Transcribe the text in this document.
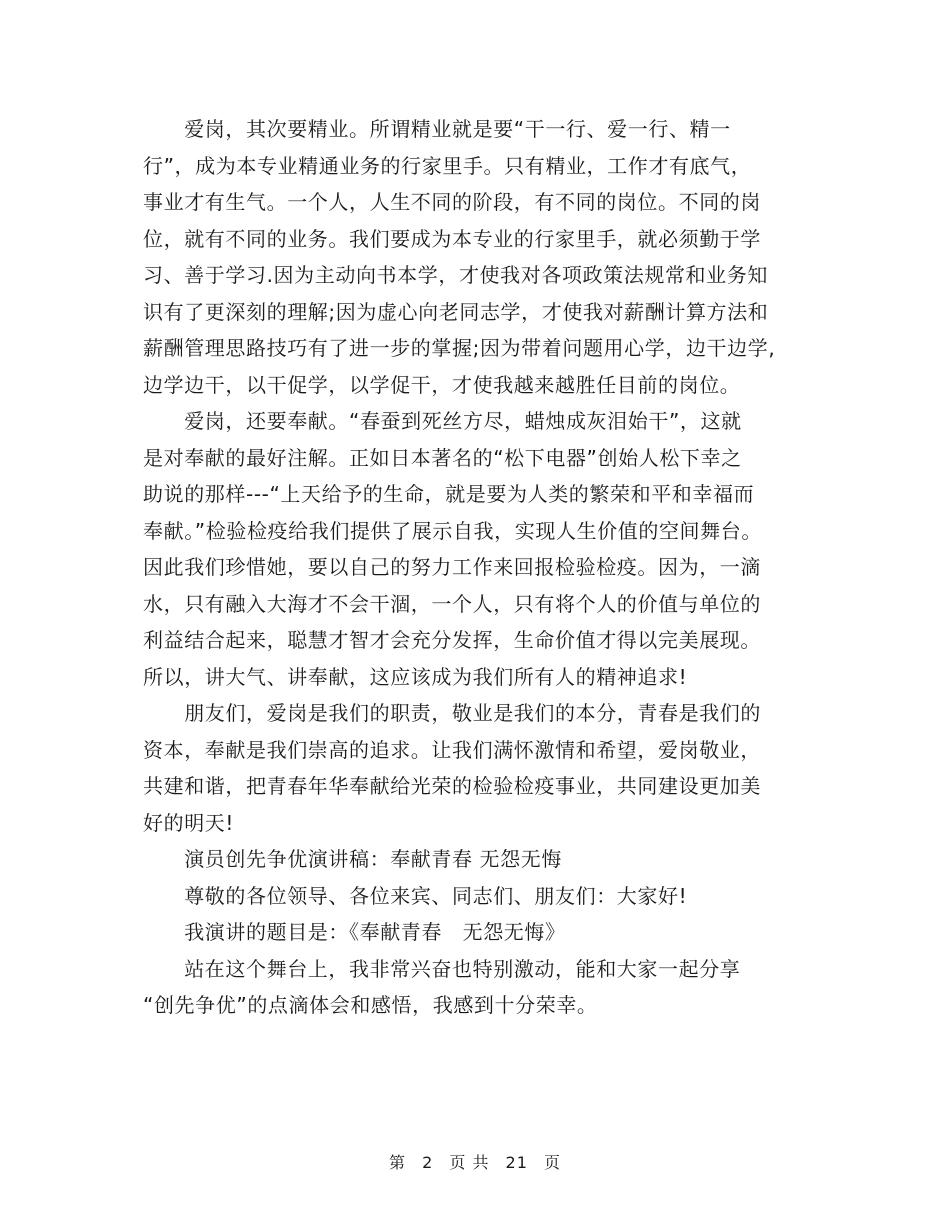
　　爱岗，其次要精业。所谓精业就是要“干一行、爱一行、精一
行”，成为本专业精通业务的行家里手。只有精业，工作才有底气，
事业才有生气。一个人，人生不同的阶段，有不同的岗位。不同的岗
位，就有不同的业务。我们要成为本专业的行家里手，就必须勤于学
习、善于学习.因为主动向书本学，才使我对各项政策法规常和业务知
识有了更深刻的理解;因为虚心向老同志学，才使我对薪酬计算方法和
薪酬管理思路技巧有了进一步的掌握;因为带着问题用心学，边干边学,
边学边干，以干促学，以学促干，才使我越来越胜任目前的岗位。
　　爱岗，还要奉献。“春蚕到死丝方尽，蜡烛成灰泪始干”，这就
是对奉献的最好注解。正如日本著名的“松下电器”创始人松下幸之
助说的那样---“上天给予的生命，就是要为人类的繁荣和平和幸福而
奉献。”检验检疫给我们提供了展示自我，实现人生价值的空间舞台。
因此我们珍惜她，要以自己的努力工作来回报检验检疫。因为，一滴
水，只有融入大海才不会干涸，一个人，只有将个人的价值与单位的
利益结合起来，聪慧才智才会充分发挥，生命价值才得以完美展现。
所以，讲大气、讲奉献，这应该成为我们所有人的精神追求!
　　朋友们，爱岗是我们的职责，敬业是我们的本分，青春是我们的
资本，奉献是我们崇高的追求。让我们满怀激情和希望，爱岗敬业，
共建和谐，把青春年华奉献给光荣的检验检疫事业，共同建设更加美
好的明天!
　　演员创先争优演讲稿：奉献青春 无怨无悔
　　尊敬的各位领导、各位来宾、同志们、朋友们：大家好!
　　我演讲的题目是：《奉献青春　无怨无悔》
　　站在这个舞台上，我非常兴奋也特别激动，能和大家一起分享
“创先争优”的点滴体会和感悟，我感到十分荣幸。
第 2 页 共 21 页
